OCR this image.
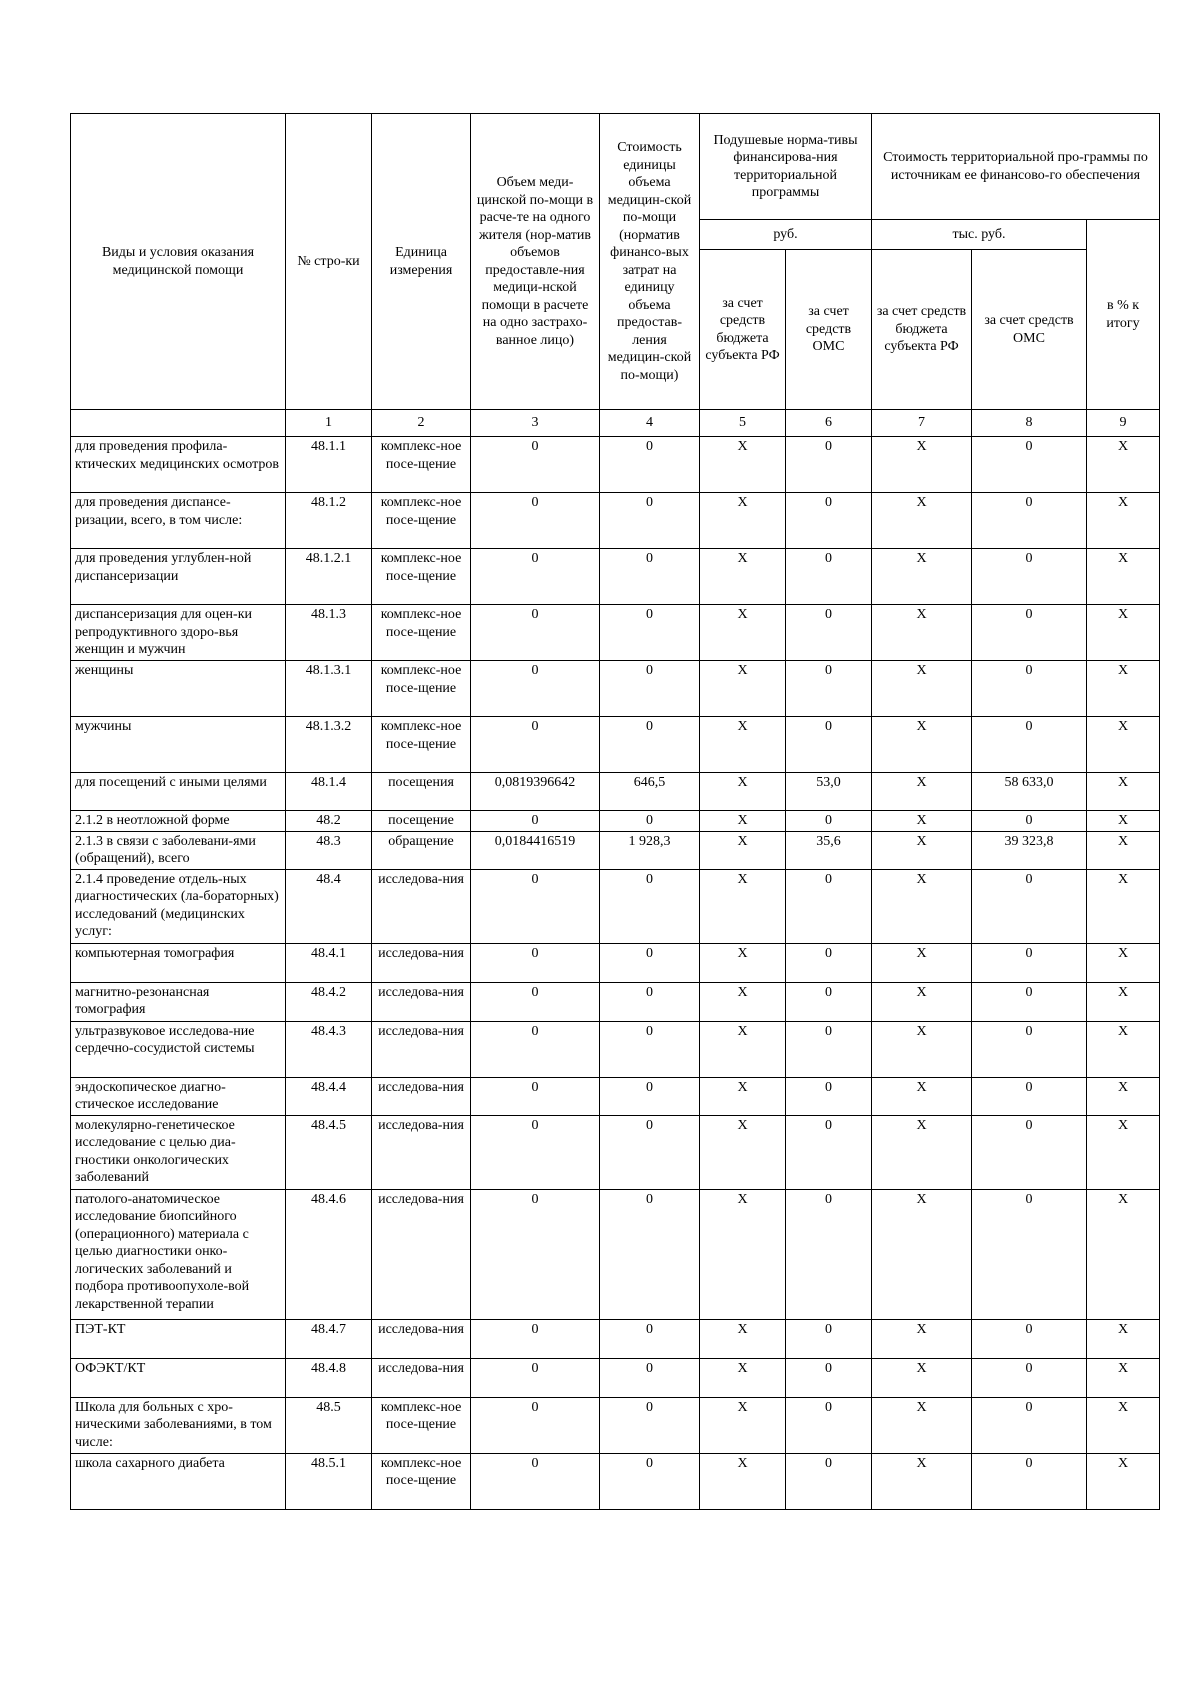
Виды и условия оказания медицинской помощи	№ стро-ки	Единица измерения	Объем меди-цинской по-мощи в расче-те на одного жителя (нор-матив объемов предоставле-ния медици-нской помощи в расчете на одно застрахо-ванное лицо)	Стоимость единицы объема медицин-ской по-мощи (норматив финансо-вых затрат на единицу объема предостав-ления медицин-ской по-мощи)	Подушевые норма-тивы финансирова-ния территориальной программы		Стоимость территориальной про-граммы по источникам ее финансово-го обеспечения		
					руб.		тыс. руб.		в % к итогу
					за счет средств бюджета субъекта РФ	за счет средств ОМС	за счет средств бюджета субъекта РФ	за счет средств ОМС	
	1	2	3	4	5	6	7	8	9
для проведения профила-ктических медицинских осмотров	48.1.1	комплекс-ное посе-щение	0	0	Х	0	Х	0	Х
для проведения диспансе-ризации, всего, в том числе:	48.1.2	комплекс-ное посе-щение	0	0	Х	0	Х	0	Х
для проведения углублен-ной диспансеризации	48.1.2.1	комплекс-ное посе-щение	0	0	Х	0	Х	0	Х
диспансеризация для оцен-ки репродуктивного здоро-вья женщин и мужчин	48.1.3	комплекс-ное посе-щение	0	0	Х	0	Х	0	Х
женщины	48.1.3.1	комплекс-ное посе-щение	0	0	Х	0	Х	0	Х
мужчины	48.1.3.2	комплекс-ное посе-щение	0	0	Х	0	Х	0	Х
для посещений с иными целями	48.1.4	посещения	0,0819396642	646,5	Х	53,0	Х	58 633,0	Х
2.1.2 в неотложной форме	48.2	посещение	0	0	Х	0	Х	0	Х
2.1.3 в связи с заболевани-ями (обращений), всего	48.3	обращение	0,0184416519	1 928,3	Х	35,6	Х	39 323,8	Х
2.1.4 проведение отдель-ных диагностических (ла-бораторных) исследований (медицинских услуг:	48.4	исследова-ния	0	0	Х	0	Х	0	Х
компьютерная томография	48.4.1	исследова-ния	0	0	Х	0	Х	0	Х
магнитно-резонансная томография	48.4.2	исследова-ния	0	0	Х	0	Х	0	Х
ультразвуковое исследова-ние сердечно-сосудистой системы	48.4.3	исследова-ния	0	0	Х	0	Х	0	Х
эндоскопическое диагно-стическое исследование	48.4.4	исследова-ния	0	0	Х	0	Х	0	Х
молекулярно-генетическое исследование с целью диа-гностики онкологических заболеваний	48.4.5	исследова-ния	0	0	Х	0	Х	0	Х
патолого-анатомическое исследование биопсийного (операционного) материала с целью диагностики онко-логических заболеваний и подбора противоопухоле-вой лекарственной терапии	48.4.6	исследова-ния	0	0	Х	0	Х	0	Х
ПЭТ-КТ	48.4.7	исследова-ния	0	0	Х	0	Х	0	Х
ОФЭКТ/КТ	48.4.8	исследова-ния	0	0	Х	0	Х	0	Х
Школа для больных с хро-ническими заболеваниями, в том числе:	48.5	комплекс-ное посе-щение	0	0	Х	0	Х	0	Х
школа сахарного диабета	48.5.1	комплекс-ное посе-щение	0	0	Х	0	Х	0	Х
